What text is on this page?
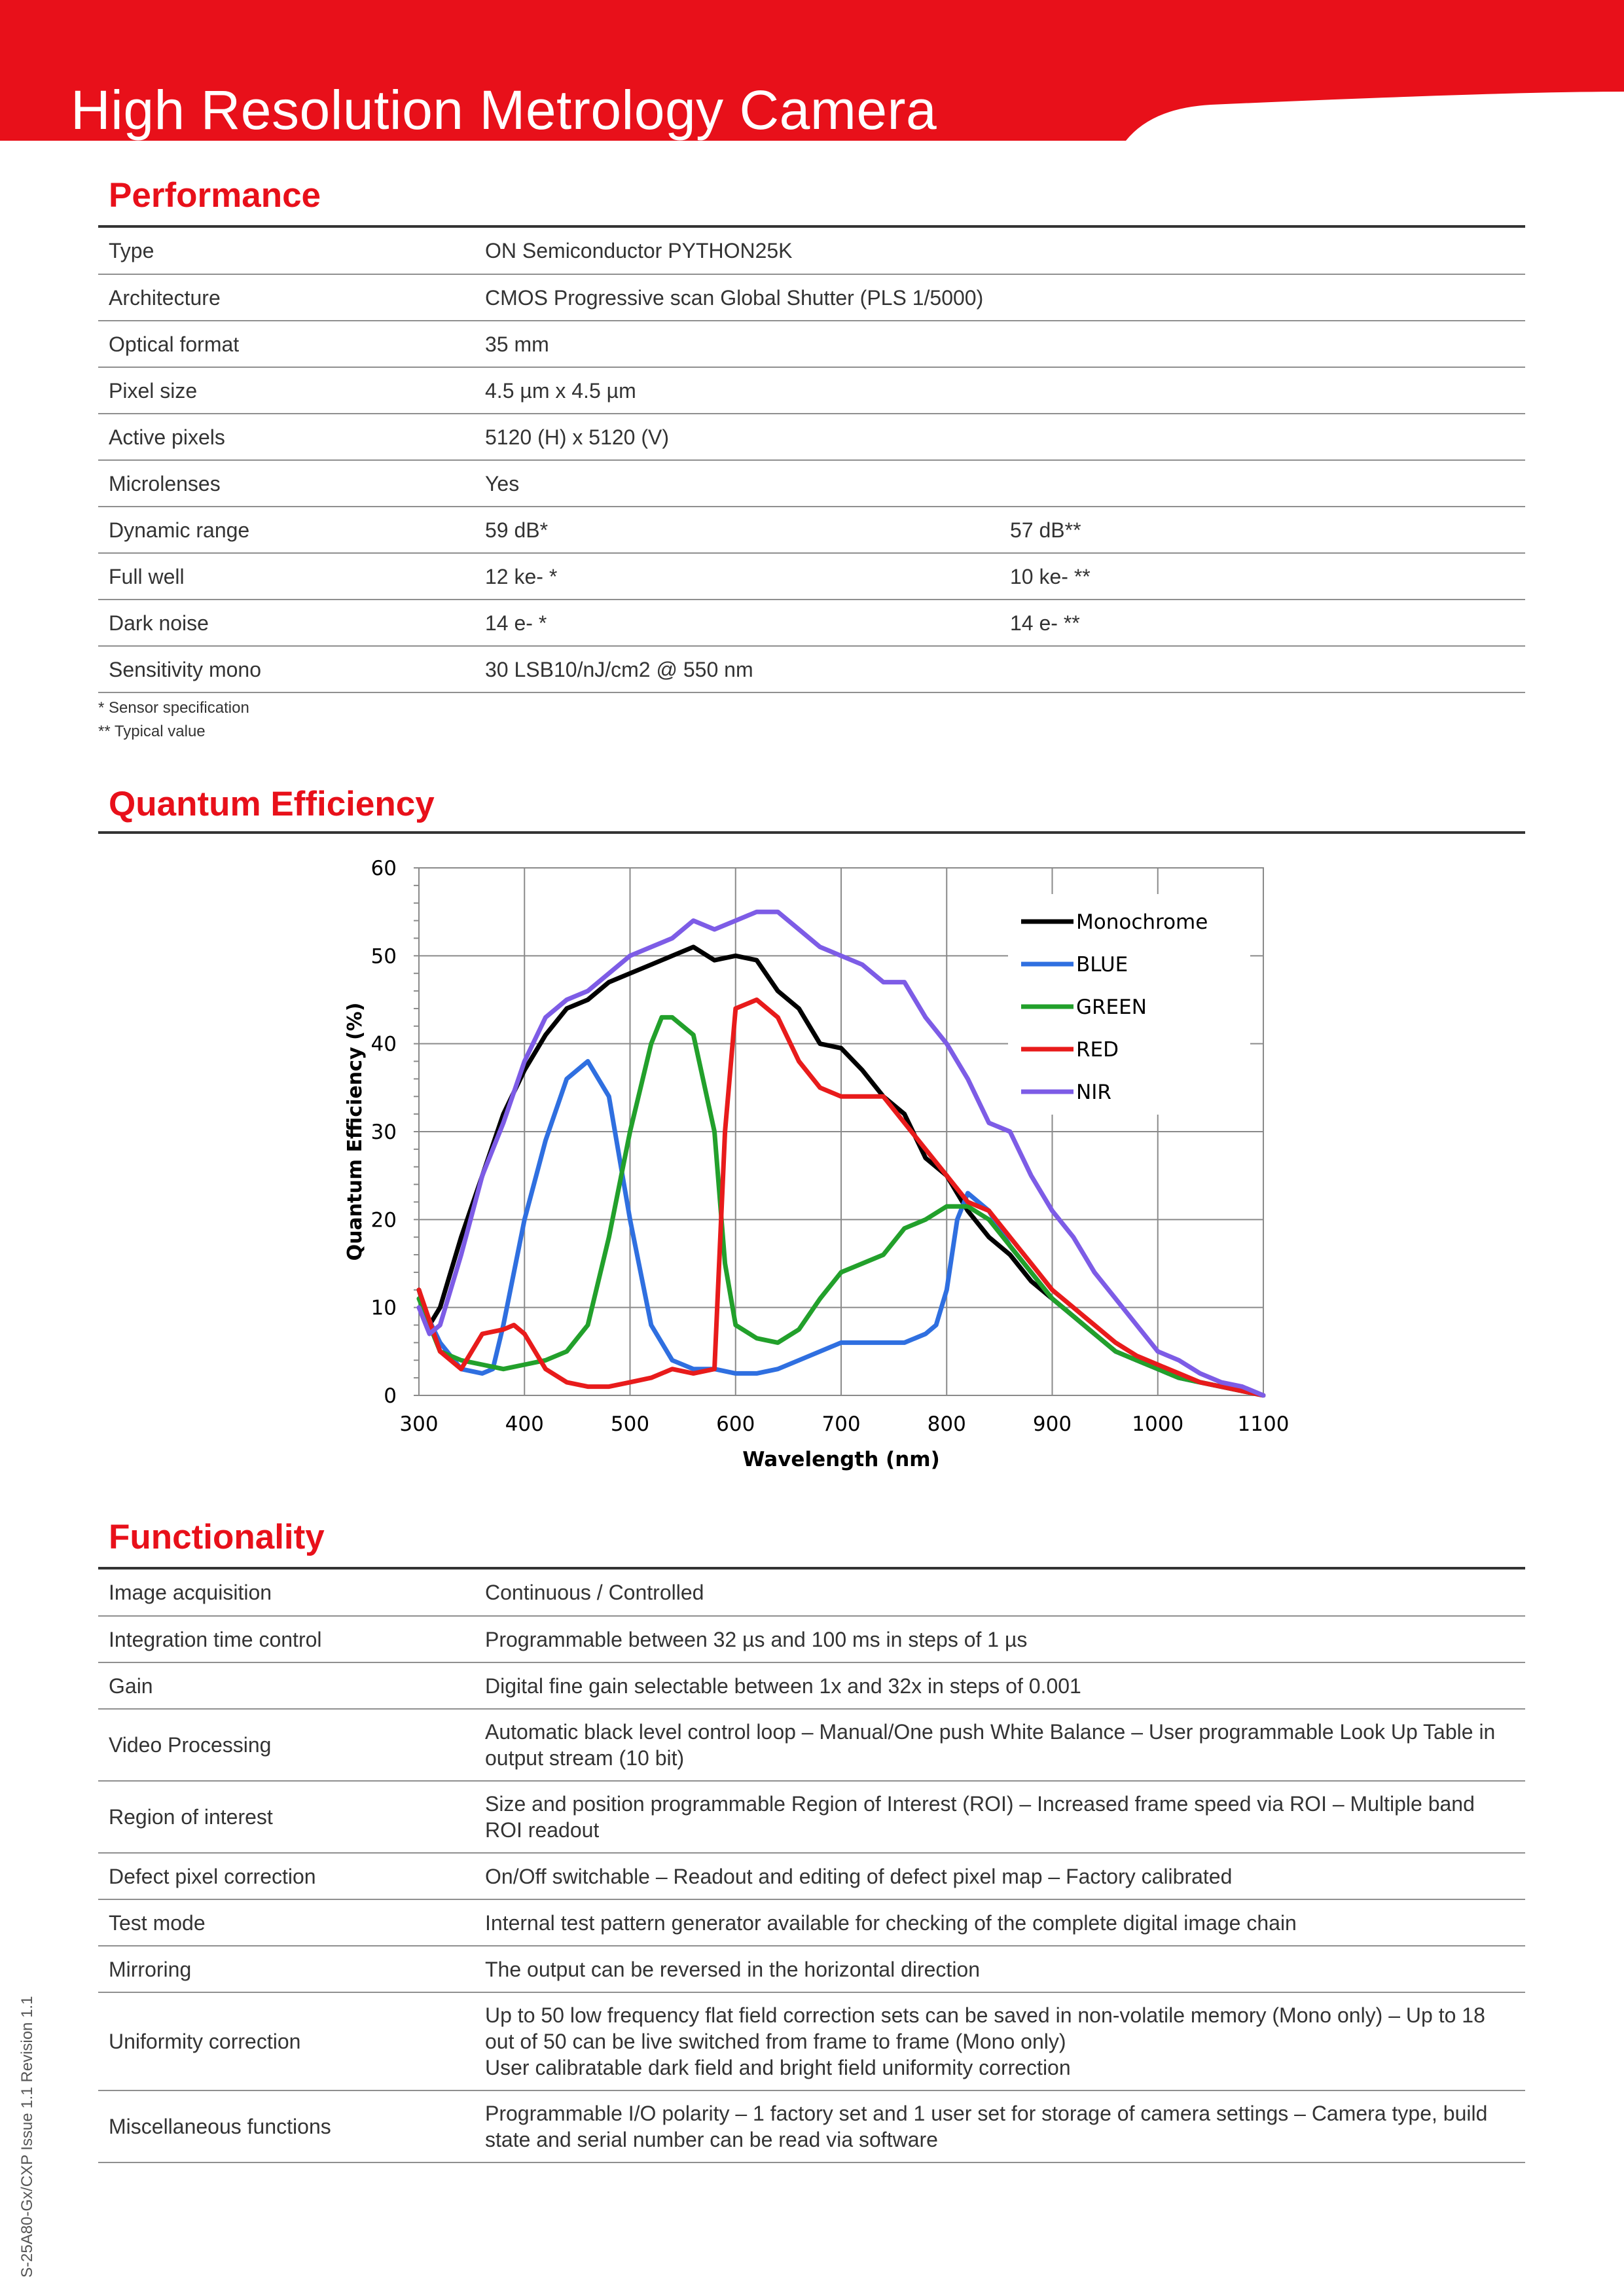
High Resolution Metrology Camera
Performance
Type	ON Semiconductor PYTHON25K	
Architecture	CMOS Progressive scan Global Shutter (PLS 1/5000)	
Optical format	35 mm	
Pixel size	4.5 µm x 4.5 µm	
Active pixels	5120 (H) x 5120 (V)	
Microlenses	Yes	
Dynamic range	59 dB*	57 dB**
Full well	12 ke- *	10 ke- **
Dark noise	14 e- *	14 e- **
Sensitivity mono	30 LSB10/nJ/cm2 @ 550 nm	
* Sensor specification
** Typical value
Quantum Efficiency
300	400	500	600	700	800	900	1000	1100
0
10
20
30
40
50
60
Wavelength (nm)
Quantum Efficiency (%)
Monochrome
BLUE
GREEN
RED
NIR
Functionality
Image acquisition	Continuous / Controlled
Integration time control	Programmable between 32 µs and 100 ms in steps of 1 µs
Gain	Digital fine gain selectable between 1x and 32x in steps of 0.001
Video Processing	Automatic black level control loop – Manual/One push White Balance – User programmable Look Up Table in output stream (10 bit)
Region of interest	Size and position programmable Region of Interest (ROI) – Increased frame speed via ROI – Multiple band ROI readout
Defect pixel correction	On/Off switchable – Readout and editing of defect pixel map – Factory calibrated
Test mode	Internal test pattern generator available for checking of the complete digital image chain
Mirroring	The output can be reversed in the horizontal direction
Uniformity correction	Up to 50 low frequency flat field correction sets can be saved in non-volatile memory (Mono only) – Up to 18 out of 50 can be live switched from frame to frame (Mono only)
User calibratable dark field and bright field uniformity correction
Miscellaneous functions	Programmable I/O polarity – 1 factory set and 1 user set for storage of camera settings – Camera type, build state and serial number can be read via software
S-25A80-Gx/CXP Issue 1.1 Revision 1.1
